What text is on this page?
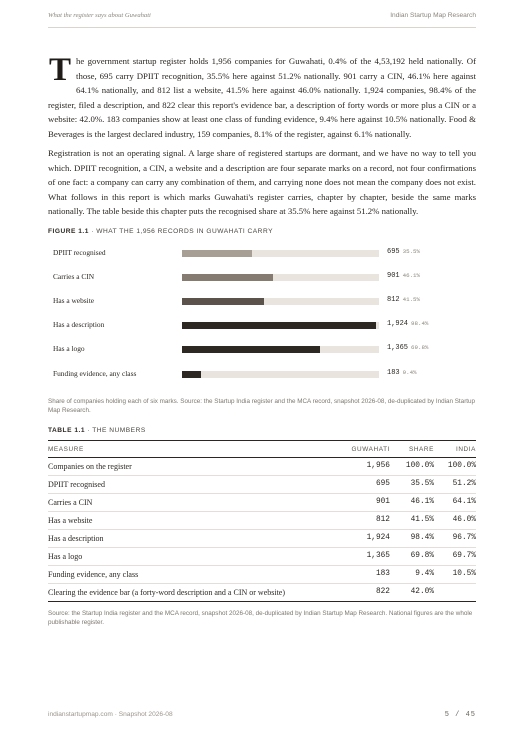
What the register says about Guwahati	Indian Startup Map Research

The government startup register holds 1,956 companies for Guwahati, 0.4% of the 4,53,192 held nationally. Of those, 695 carry DPIIT recognition, 35.5% here against 51.2% nationally. 901 carry a CIN, 46.1% here against 64.1% nationally, and 812 list a website, 41.5% here against 46.0% nationally. 1,924 companies, 98.4% of the register, filed a description, and 822 clear this report's evidence bar, a description of forty words or more plus a CIN or a website: 42.0%. 183 companies show at least one class of funding evidence, 9.4% here against 10.5% nationally. Food & Beverages is the largest declared industry, 159 companies, 8.1% of the register, against 6.1% nationally.

Registration is not an operating signal. A large share of registered startups are dormant, and we have no way to tell you which. DPIIT recognition, a CIN, a website and a description are four separate marks on a record, not four confirmations of one fact: a company can carry any combination of them, and carrying none does not mean the company does not exist. What follows in this report is which marks Guwahati's register carries, chapter by chapter, beside the same marks nationally. The table beside this chapter puts the recognised share at 35.5% here against 51.2% nationally.

FIGURE 1.1 · WHAT THE 1,956 RECORDS IN GUWAHATI CARRY
DPIIT recognised	695 35.5%
Carries a CIN	901 46.1%
Has a website	812 41.5%
Has a description	1,924 98.4%
Has a logo	1,365 69.8%
Funding evidence, any class	183 9.4%

Share of companies holding each of six marks. Source: the Startup India register and the MCA record, snapshot 2026-08, de-duplicated by Indian Startup Map Research.

TABLE 1.1 · THE NUMBERS
MEASURE	GUWAHATI	SHARE	INDIA
Companies on the register	1,956	100.0%	100.0%
DPIIT recognised	695	35.5%	51.2%
Carries a CIN	901	46.1%	64.1%
Has a website	812	41.5%	46.0%
Has a description	1,924	98.4%	96.7%
Has a logo	1,365	69.8%	69.7%
Funding evidence, any class	183	9.4%	10.5%
Clearing the evidence bar (a forty-word description and a CIN or website)	822	42.0%	

Source: the Startup India register and the MCA record, snapshot 2026-08, de-duplicated by Indian Startup Map Research. National figures are the whole publishable register.

indianstartupmap.com · Snapshot 2026-08	5 / 45
